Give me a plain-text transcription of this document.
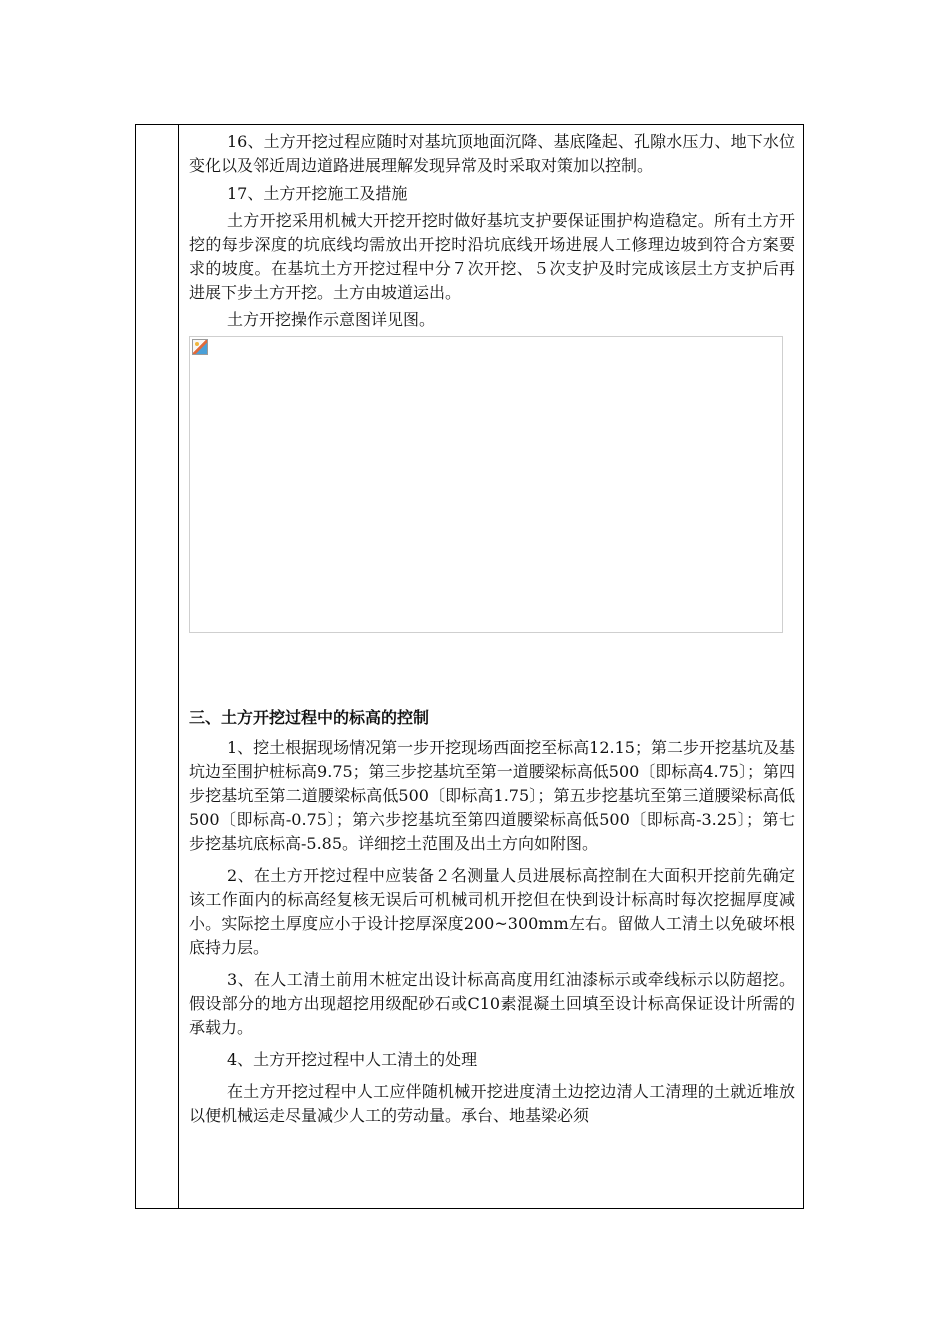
16、土方开挖过程应随时对基坑顶地面沉降、基底隆起、孔隙水压力、地下水位变化以及邻近周边道路进展理解发现异常及时采取对策加以控制。

17、土方开挖施工及措施

土方开挖采用机械大开挖开挖时做好基坑支护要保证围护构造稳定。所有土方开挖的每步深度的坑底线均需放出开挖时沿坑底线开场进展人工修理边坡到符合方案要求的坡度。在基坑土方开挖过程中分７次开挖、５次支护及时完成该层土方支护后再进展下步土方开挖。土方由坡道运出。

土方开挖操作示意图详见图。

三、土方开挖过程中的标高的控制

1、挖土根据现场情况第一步开挖现场西面挖至标高12.15；第二步开挖基坑及基坑边至围护桩标高9.75；第三步挖基坑至第一道腰梁标高低500〔即标高4.75〕；第四步挖基坑至第二道腰梁标高低500〔即标高1.75〕；第五步挖基坑至第三道腰梁标高低500〔即标高-0.75〕；第六步挖基坑至第四道腰梁标高低500〔即标高-3.25〕；第七步挖基坑底标高-5.85。详细挖土范围及出土方向如附图。

2、在土方开挖过程中应装备２名测量人员进展标高控制在大面积开挖前先确定该工作面内的标高经复核无误后可机械司机开挖但在快到设计标高时每次挖掘厚度减小。实际挖土厚度应小于设计挖厚深度200~300mm左右。留做人工清土以免破坏根底持力层。

3、在人工清土前用木桩定出设计标高高度用红油漆标示或牵线标示以防超挖。假设部分的地方出现超挖用级配砂石或C10素混凝土回填至设计标高保证设计所需的承载力。

4、土方开挖过程中人工清土的处理

在土方开挖过程中人工应伴随机械开挖进度清土边挖边清人工清理的土就近堆放以便机械运走尽量减少人工的劳动量。承台、地基梁必须
